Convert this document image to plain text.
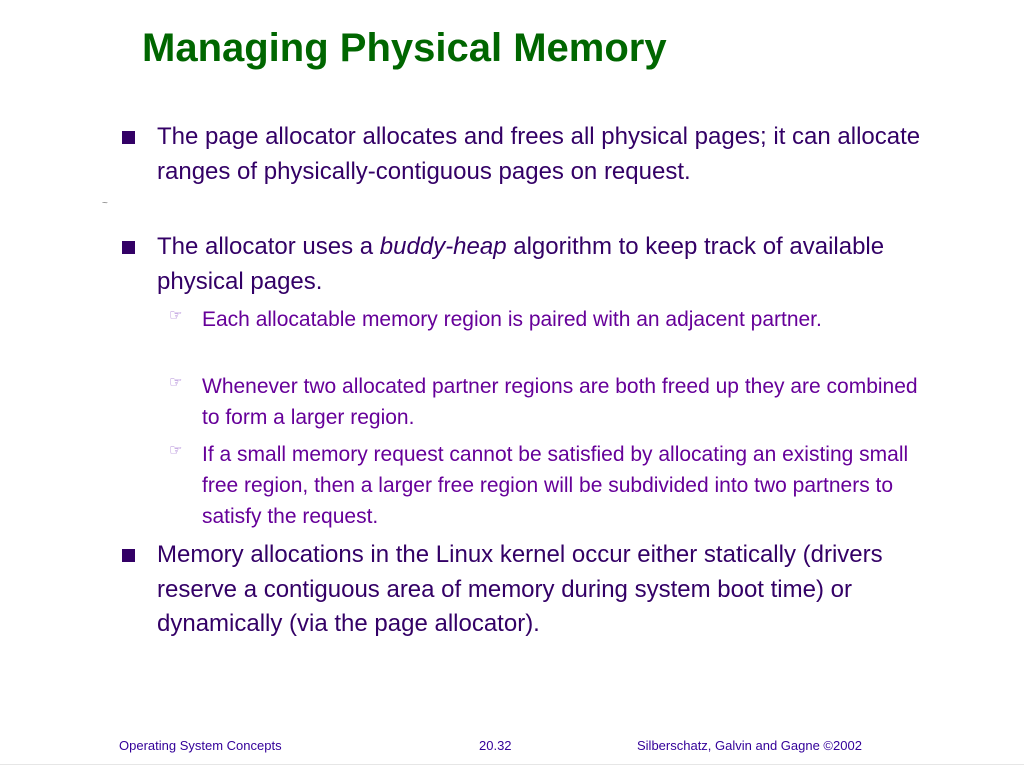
Managing Physical Memory
~
The page allocator allocates and frees all physical pages; it can allocate ranges of physically-contiguous pages on request.
The allocator uses a buddy-heap algorithm to keep track of available physical pages.
☞ Each allocatable memory region is paired with an adjacent partner.
☞ Whenever two allocated partner regions are both freed up they are combined to form a larger region.
☞ If a small memory request cannot be satisfied by allocating an existing small free region, then a larger free region will be subdivided into two partners to satisfy the request.
Memory allocations in the Linux kernel occur either statically (drivers reserve a contiguous area of memory during system boot time) or dynamically (via the page allocator).
Operating System Concepts	20.32	Silberschatz, Galvin and Gagne ©2002
